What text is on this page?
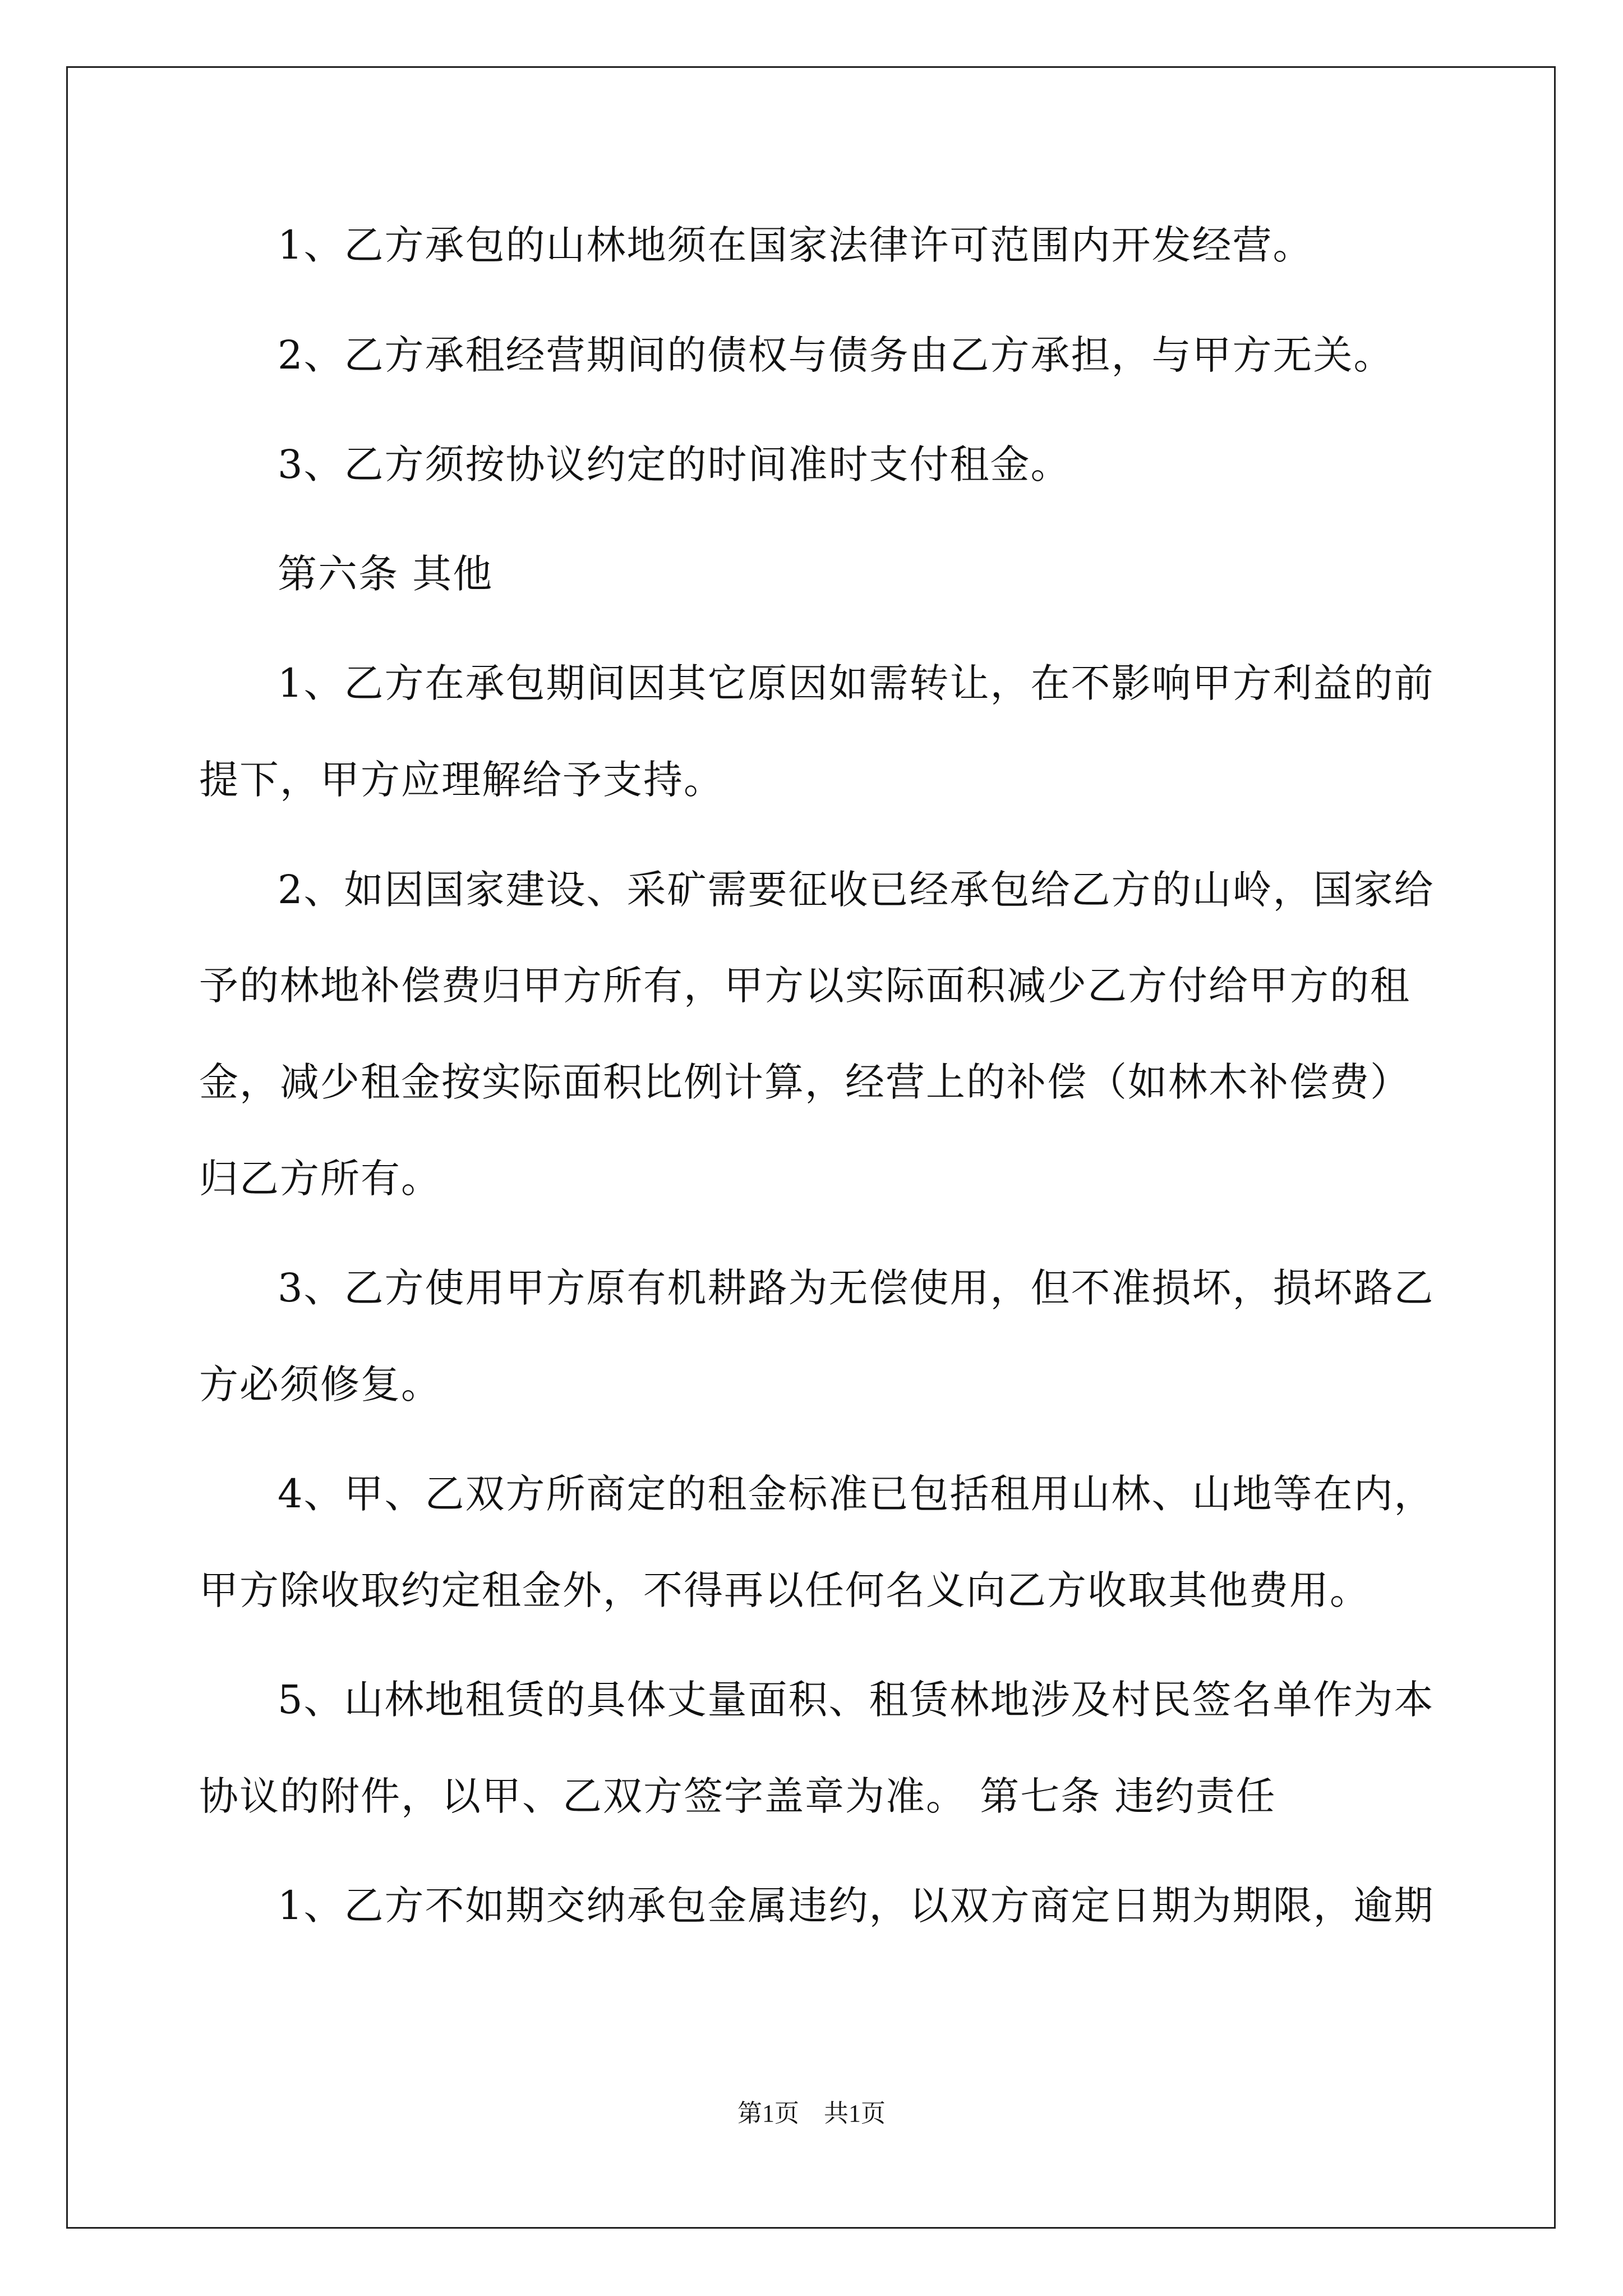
1、乙方承包的山林地须在国家法律许可范围内开发经营。
2、乙方承租经营期间的债权与债务由乙方承担，与甲方无关。
3、乙方须按协议约定的时间准时支付租金。
第六条 其他
1、乙方在承包期间因其它原因如需转让，在不影响甲方利益的前
提下，甲方应理解给予支持。
2、如因国家建设、采矿需要征收已经承包给乙方的山岭，国家给
予的林地补偿费归甲方所有，甲方以实际面积减少乙方付给甲方的租
金，减少租金按实际面积比例计算，经营上的补偿（如林木补偿费）
归乙方所有。
3、乙方使用甲方原有机耕路为无偿使用，但不准损坏，损坏路乙
方必须修复。
4、甲、乙双方所商定的租金标准已包括租用山林、山地等在内，
甲方除收取约定租金外，不得再以任何名义向乙方收取其他费用。
5、山林地租赁的具体丈量面积、租赁林地涉及村民签名单作为本
协议的附件，以甲、乙双方签字盖章为准。 第七条 违约责任
1、乙方不如期交纳承包金属违约，以双方商定日期为期限，逾期
第1页　共1页
